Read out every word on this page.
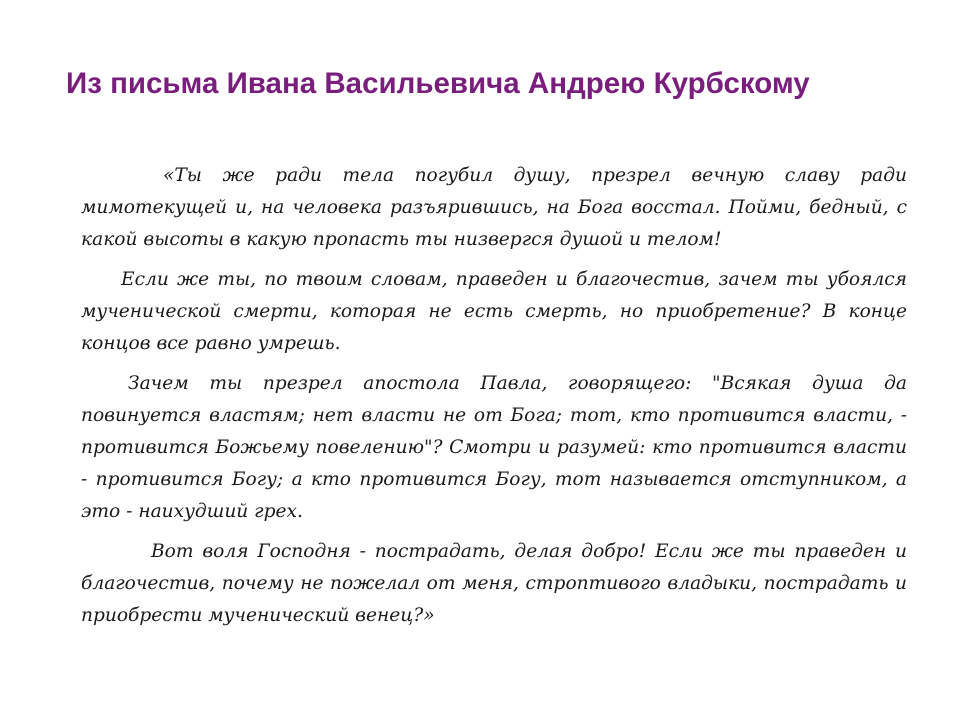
Из письма Ивана Васильевича Андрею Курбскому

«Ты же ради тела погубил душу, презрел вечную славу ради мимотекущей и, на человека разъярившись, на Бога восстал. Пойми, бедный, с какой высоты в какую пропасть ты низвергся душой и телом!

Если же ты, по твоим словам, праведен и благочестив, зачем ты убоялся мученической смерти, которая не есть смерть, но приобретение? В конце концов все равно умрешь.

Зачем ты презрел апостола Павла, говорящего: "Всякая душа да повинуется властям; нет власти не от Бога; тот, кто противится власти, - противится Божьему повелению"? Смотри и разумей: кто противится власти - противится Богу; а кто противится Богу, тот называется отступником, а это - наихудший грех.

Вот воля Господня - пострадать, делая добро! Если же ты праведен и благочестив, почему не пожелал от меня, строптивого владыки, пострадать и приобрести мученический венец?»
